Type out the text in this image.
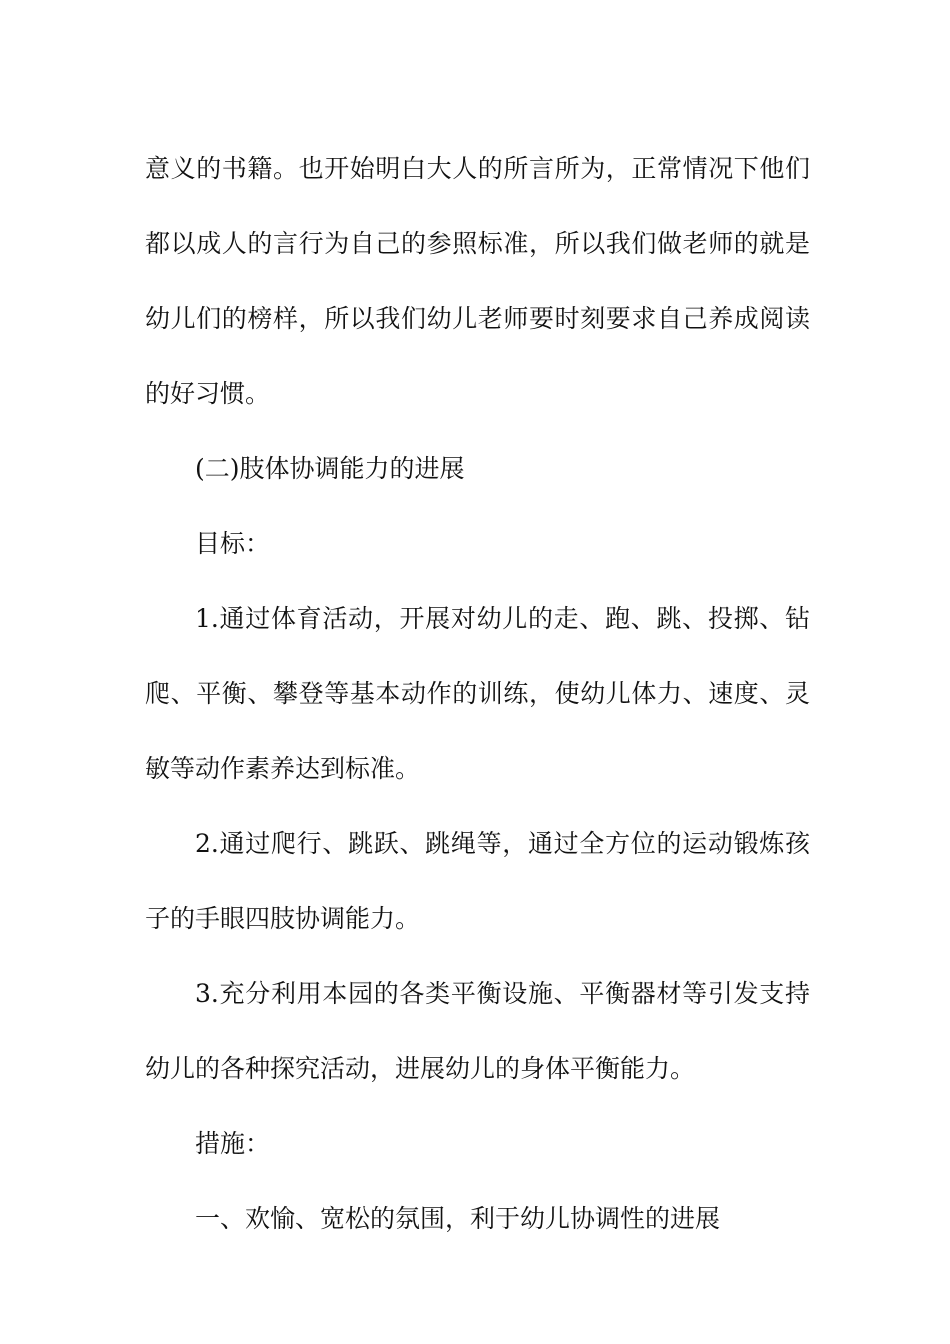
意义的书籍。也开始明白大人的所言所为，正常情况下他们都以成人的言行为自己的参照标准，所以我们做老师的就是幼儿们的榜样，所以我们幼儿老师要时刻要求自己养成阅读的好习惯。

(二)肢体协调能力的进展

目标：

1.通过体育活动，开展对幼儿的走、跑、跳、投掷、钻爬、平衡、攀登等基本动作的训练，使幼儿体力、速度、灵敏等动作素养达到标准。

2.通过爬行、跳跃、跳绳等，通过全方位的运动锻炼孩子的手眼四肢协调能力。

3.充分利用本园的各类平衡设施、平衡器材等引发支持幼儿的各种探究活动，进展幼儿的身体平衡能力。

措施：

一、欢愉、宽松的氛围，利于幼儿协调性的进展
